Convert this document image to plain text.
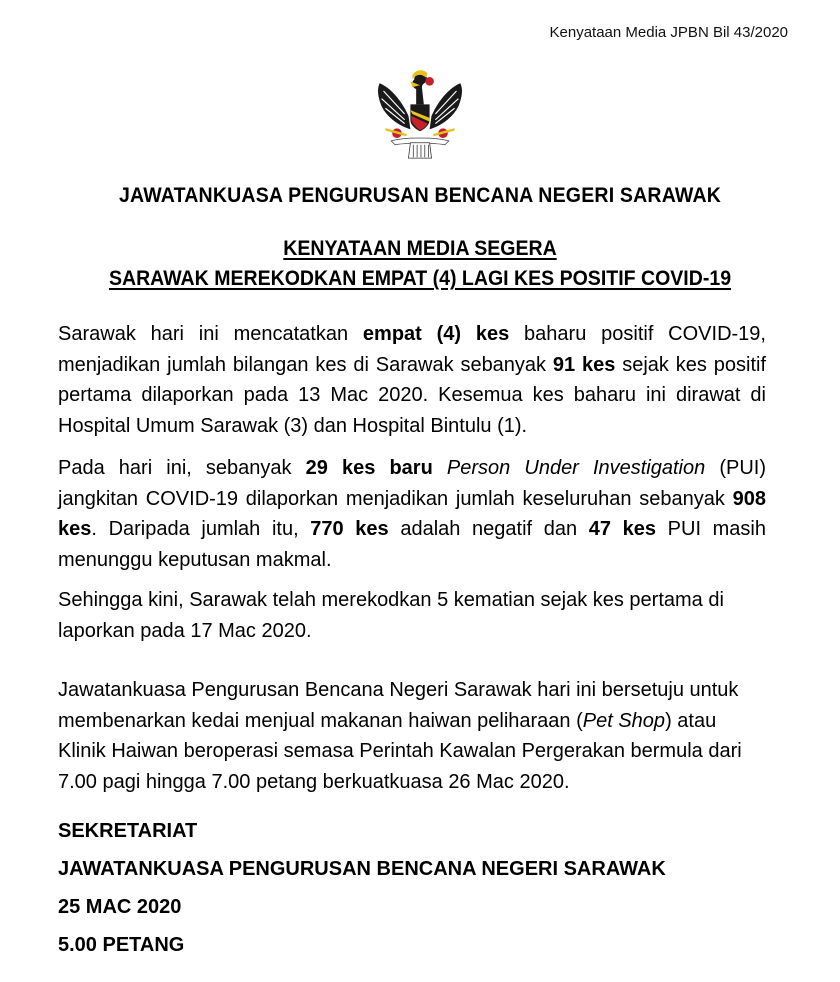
Kenyataan Media JPBN Bil 43/2020
JAWATANKUASA PENGURUSAN BENCANA NEGERI SARAWAK
KENYATAAN MEDIA SEGERA
SARAWAK MEREKODKAN EMPAT (4) LAGI KES POSITIF COVID-19
Sarawak hari ini mencatatkan empat (4) kes baharu positif COVID-19, menjadikan jumlah bilangan kes di Sarawak sebanyak 91 kes sejak kes positif pertama dilaporkan pada 13 Mac 2020. Kesemua kes baharu ini dirawat di Hospital Umum Sarawak (3) dan Hospital Bintulu (1).
Pada hari ini, sebanyak 29 kes baru Person Under Investigation (PUI) jangkitan COVID-19 dilaporkan menjadikan jumlah keseluruhan sebanyak 908 kes. Daripada jumlah itu, 770 kes adalah negatif dan 47 kes PUI masih menunggu keputusan makmal.
Sehingga kini, Sarawak telah merekodkan 5 kematian sejak kes pertama di laporkan pada 17 Mac 2020.
Jawatankuasa Pengurusan Bencana Negeri Sarawak hari ini bersetuju untuk membenarkan kedai menjual makanan haiwan peliharaan (Pet Shop) atau Klinik Haiwan beroperasi semasa Perintah Kawalan Pergerakan bermula dari 7.00 pagi hingga 7.00 petang berkuatkuasa 26 Mac 2020.
SEKRETARIAT
JAWATANKUASA PENGURUSAN BENCANA NEGERI SARAWAK
25 MAC 2020
5.00 PETANG
